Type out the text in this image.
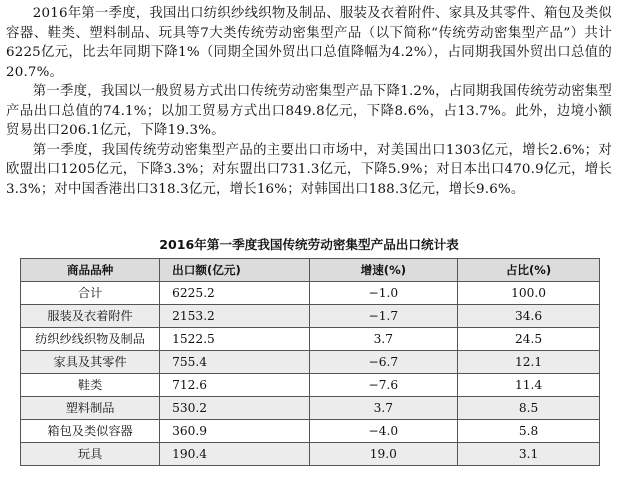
2016年第一季度，我国出口纺织纱线织物及制品、服装及衣着附件、家具及其零件、箱包及类似容器、鞋类、塑料制品、玩具等7大类传统劳动密集型产品（以下简称“传统劳动密集型产品”）共计6225亿元，比去年同期下降1%（同期全国外贸出口总值降幅为4.2%），占同期我国外贸出口总值的20.7%。

第一季度，我国以一般贸易方式出口传统劳动密集型产品下降1.2%，占同期我国传统劳动密集型产品出口总值的74.1%；以加工贸易方式出口849.8亿元，下降8.6%，占13.7%。此外，边境小额贸易出口206.1亿元，下降19.3%。

第一季度，我国传统劳动密集型产品的主要出口市场中，对美国出口1303亿元，增长2.6%；对欧盟出口1205亿元，下降3.3%；对东盟出口731.3亿元，下降5.9%；对日本出口470.9亿元，增长3.3%；对中国香港出口318.3亿元，增长16%；对韩国出口188.3亿元，增长9.6%。

2016年第一季度我国传统劳动密集型产品出口统计表
商品品种	出口额(亿元)	增速(%)	占比(%)
合计	6225.2	−1.0	100.0
服装及衣着附件	2153.2	−1.7	34.6
纺织纱线织物及制品	1522.5	3.7	24.5
家具及其零件	755.4	−6.7	12.1
鞋类	712.6	−7.6	11.4
塑料制品	530.2	3.7	8.5
箱包及类似容器	360.9	−4.0	5.8
玩具	190.4	19.0	3.1
